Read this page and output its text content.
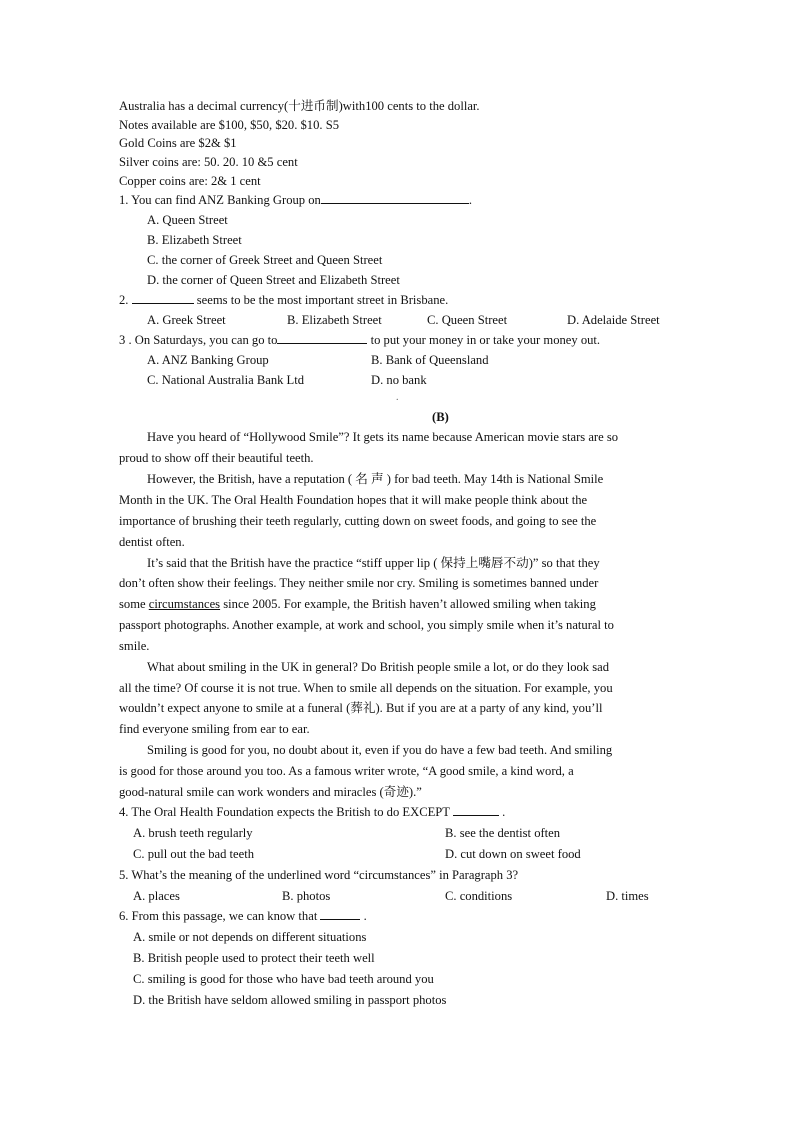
Australia has a decimal currency(十进币制)with100 cents to the dollar.
Notes available are $100, $50, $20. $10. S5
Gold Coins are $2& $1
Silver coins are: 50. 20. 10 &5 cent
Copper coins are: 2& 1 cent
1. You can find ANZ Banking Group on	.
A. Queen Street
B. Elizabeth Street
C. the corner of Greek Street and Queen Street
D. the corner of Queen Street and Elizabeth Street
2.	seems to be the most important street in Brisbane.
A. Greek Street	B. Elizabeth Street	C. Queen Street	D. Adelaide Street
3 . On Saturdays, you can go to	to put your money in or take your money out.
A. ANZ Banking Group	B. Bank of Queensland
C. National Australia Bank Ltd	D. no bank
.
(B)
Have you heard of “Hollywood Smile”? It gets its name because American movie stars are so
proud to show off their beautiful teeth.
However, the British, have a reputation ( 名 声 ) for bad teeth. May 14th is National Smile
Month in the UK. The Oral Health Foundation hopes that it will make people think about the
importance of brushing their teeth regularly, cutting down on sweet foods, and going to see the
dentist often.
It’s said that the British have the practice “stiff upper lip ( 保持上嘴唇不动)” so that they
don’t often show their feelings. They neither smile nor cry. Smiling is sometimes banned under
some circumstances since 2005. For example, the British haven’t allowed smiling when taking
passport photographs. Another example, at work and school, you simply smile when it’s natural to
smile.
What about smiling in the UK in general? Do British people smile a lot, or do they look sad
all the time? Of course it is not true. When to smile all depends on the situation. For example, you
wouldn’t expect anyone to smile at a funeral (葬礼). But if you are at a party of any kind, you’ll
find everyone smiling from ear to ear.
Smiling is good for you, no doubt about it, even if you do have a few bad teeth. And smiling
is good for those around you too. As a famous writer wrote, “A good smile, a kind word, a
good-natural smile can work wonders and miracles (奇迹).”
4. The Oral Health Foundation expects the British to do EXCEPT	.
A. brush teeth regularly	B. see the dentist often
C. pull out the bad teeth	D. cut down on sweet food
5. What’s the meaning of the underlined word “circumstances” in Paragraph 3?
A. places	B. photos	C. conditions	D. times
6. From this passage, we can know that	.
A. smile or not depends on different situations
B. British people used to protect their teeth well
C. smiling is good for those who have bad teeth around you
D. the British have seldom allowed smiling in passport photos
